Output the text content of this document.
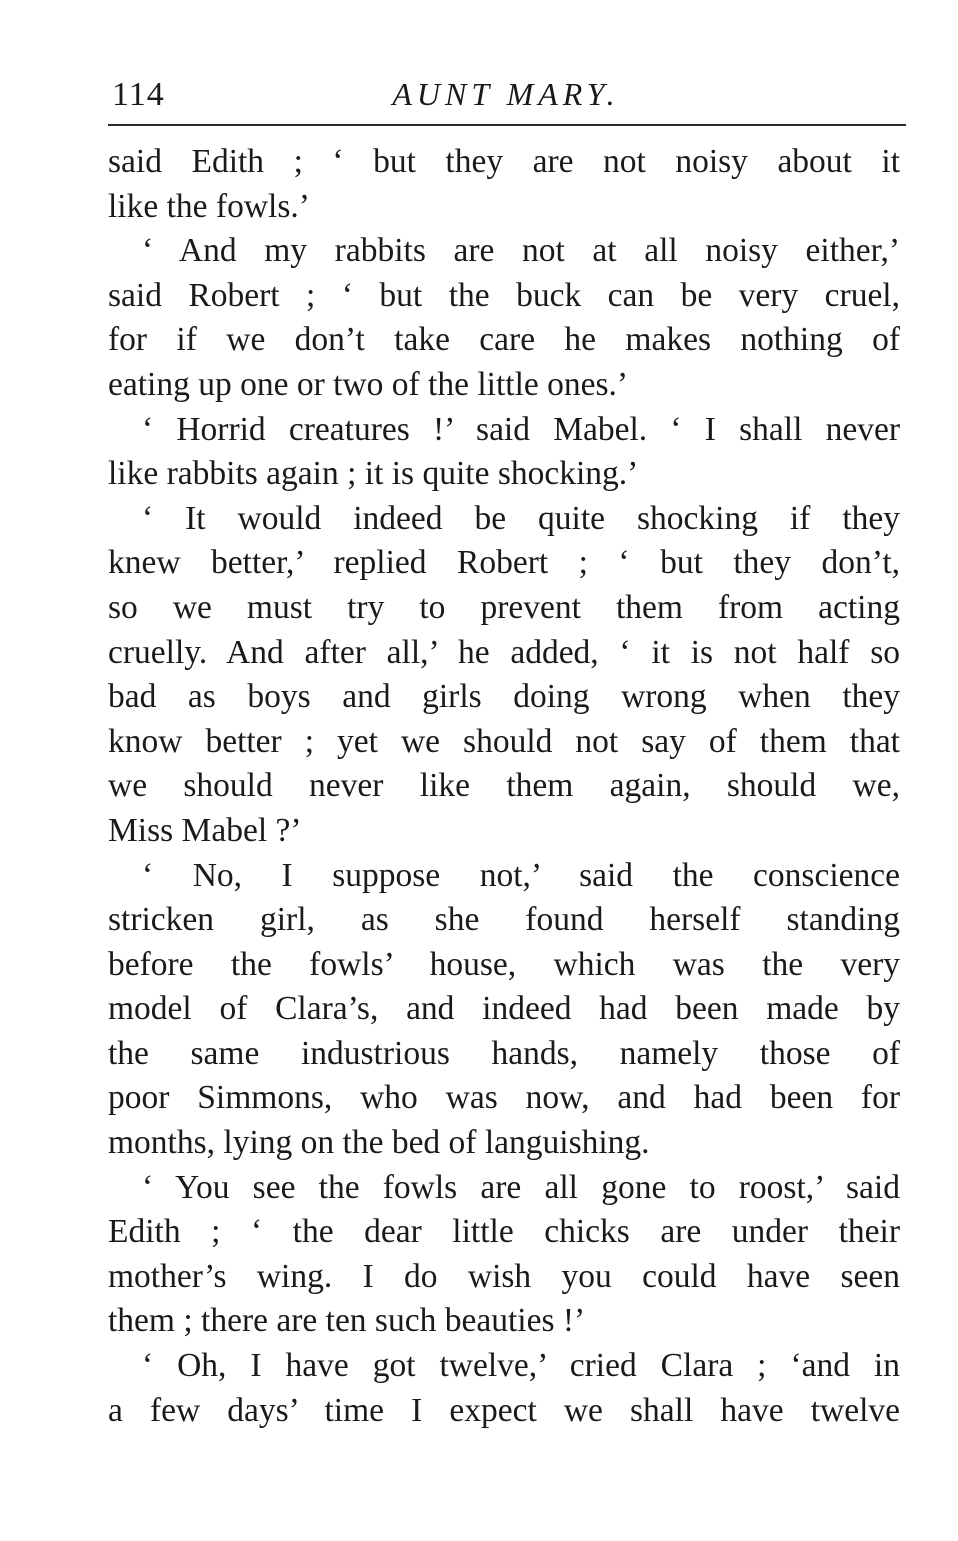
114	AUNT MARY.
said Edith ; ‘ but they are not noisy about it
like the fowls.’
‘ And my rabbits are not at all noisy either,’
said Robert ; ‘ but the buck can be very cruel,
for if we don’t take care he makes nothing of
eating up one or two of the little ones.’
‘ Horrid creatures !’ said Mabel. ‘ I shall never
like rabbits again ; it is quite shocking.’
‘ It would indeed be quite shocking if they
knew better,’ replied Robert ; ‘ but they don’t,
so we must try to prevent them from acting
cruelly. And after all,’ he added, ‘ it is not half so
bad as boys and girls doing wrong when they
know better ; yet we should not say of them that
we should never like them again, should we,
Miss Mabel ?’
‘ No, I suppose not,’ said the conscience
stricken girl, as she found herself standing
before the fowls’ house, which was the very
model of Clara’s, and indeed had been made by
the same industrious hands, namely those of
poor Simmons, who was now, and had been for
months, lying on the bed of languishing.
‘ You see the fowls are all gone to roost,’ said
Edith ; ‘ the dear little chicks are under their
mother’s wing. I do wish you could have seen
them ; there are ten such beauties !’
‘ Oh, I have got twelve,’ cried Clara ; ‘and in
a few days’ time I expect we shall have twelve
